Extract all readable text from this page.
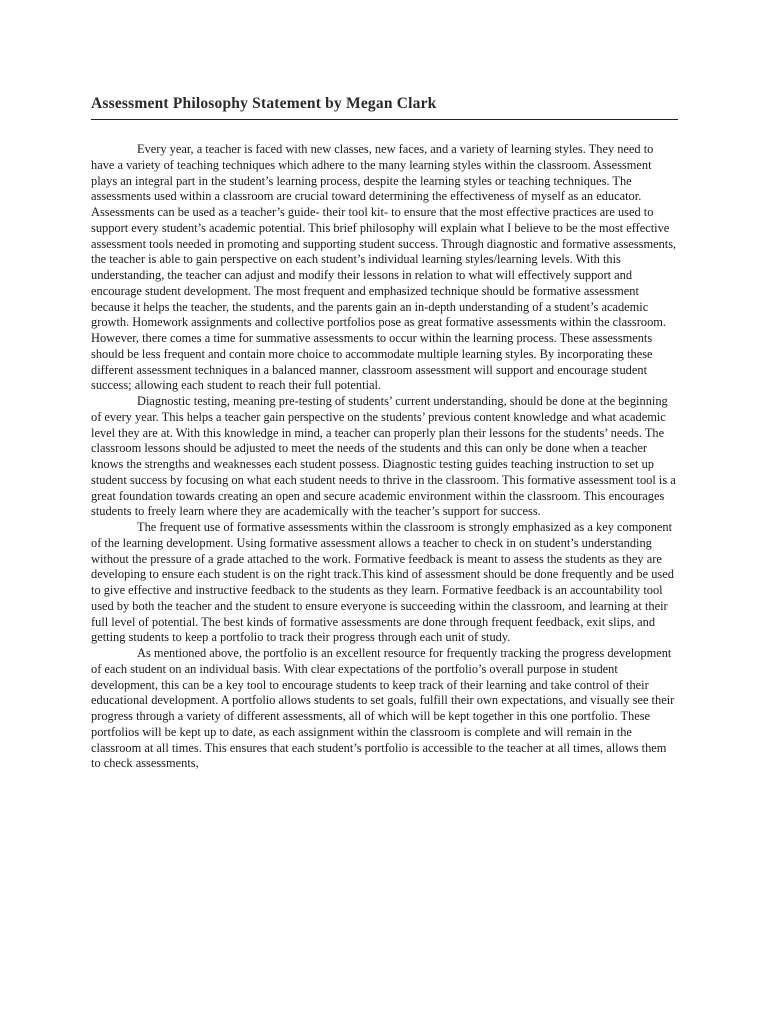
Assessment Philosophy Statement by Megan Clark

Every year, a teacher is faced with new classes, new faces, and a variety of learning styles. They need to have a variety of teaching techniques which adhere to the many learning styles within the classroom. Assessment plays an integral part in the student’s learning process, despite the learning styles or teaching techniques. The assessments used within a classroom are crucial toward determining the effectiveness of myself as an educator. Assessments can be used as a teacher’s guide- their tool kit- to ensure that the most effective practices are used to support every student’s academic potential. This brief philosophy will explain what I believe to be the most effective assessment tools needed in promoting and supporting student success. Through diagnostic and formative assessments, the teacher is able to gain perspective on each student’s individual learning styles/learning levels. With this understanding, the teacher can adjust and modify their lessons in relation to what will effectively support and encourage student development. The most frequent and emphasized technique should be formative assessment because it helps the teacher, the students, and the parents gain an in-depth understanding of a student’s academic growth. Homework assignments and collective portfolios pose as great formative assessments within the classroom. However, there comes a time for summative assessments to occur within the learning process. These assessments should be less frequent and contain more choice to accommodate multiple learning styles. By incorporating these different assessment techniques in a balanced manner, classroom assessment will support and encourage student success; allowing each student to reach their full potential.

Diagnostic testing, meaning pre-testing of students’ current understanding, should be done at the beginning of every year. This helps a teacher gain perspective on the students’ previous content knowledge and what academic level they are at. With this knowledge in mind, a teacher can properly plan their lessons for the students’ needs. The classroom lessons should be adjusted to meet the needs of the students and this can only be done when a teacher knows the strengths and weaknesses each student possess. Diagnostic testing guides teaching instruction to set up student success by focusing on what each student needs to thrive in the classroom. This formative assessment tool is a great foundation towards creating an open and secure academic environment within the classroom. This encourages students to freely learn where they are academically with the teacher’s support for success.

The frequent use of formative assessments within the classroom is strongly emphasized as a key component of the learning development. Using formative assessment allows a teacher to check in on student’s understanding without the pressure of a grade attached to the work. Formative feedback is meant to assess the students as they are developing to ensure each student is on the right track.This kind of assessment should be done frequently and be used to give effective and instructive feedback to the students as they learn. Formative feedback is an accountability tool used by both the teacher and the student to ensure everyone is succeeding within the classroom, and learning at their full level of potential. The best kinds of formative assessments are done through frequent feedback, exit slips, and getting students to keep a portfolio to track their progress through each unit of study.

As mentioned above, the portfolio is an excellent resource for frequently tracking the progress development of each student on an individual basis. With clear expectations of the portfolio’s overall purpose in student development, this can be a key tool to encourage students to keep track of their learning and take control of their educational development. A portfolio allows students to set goals, fulfill their own expectations, and visually see their progress through a variety of different assessments, all of which will be kept together in this one portfolio. These portfolios will be kept up to date, as each assignment within the classroom is complete and will remain in the classroom at all times. This ensures that each student’s portfolio is accessible to the teacher at all times, allows them to check assessments,
